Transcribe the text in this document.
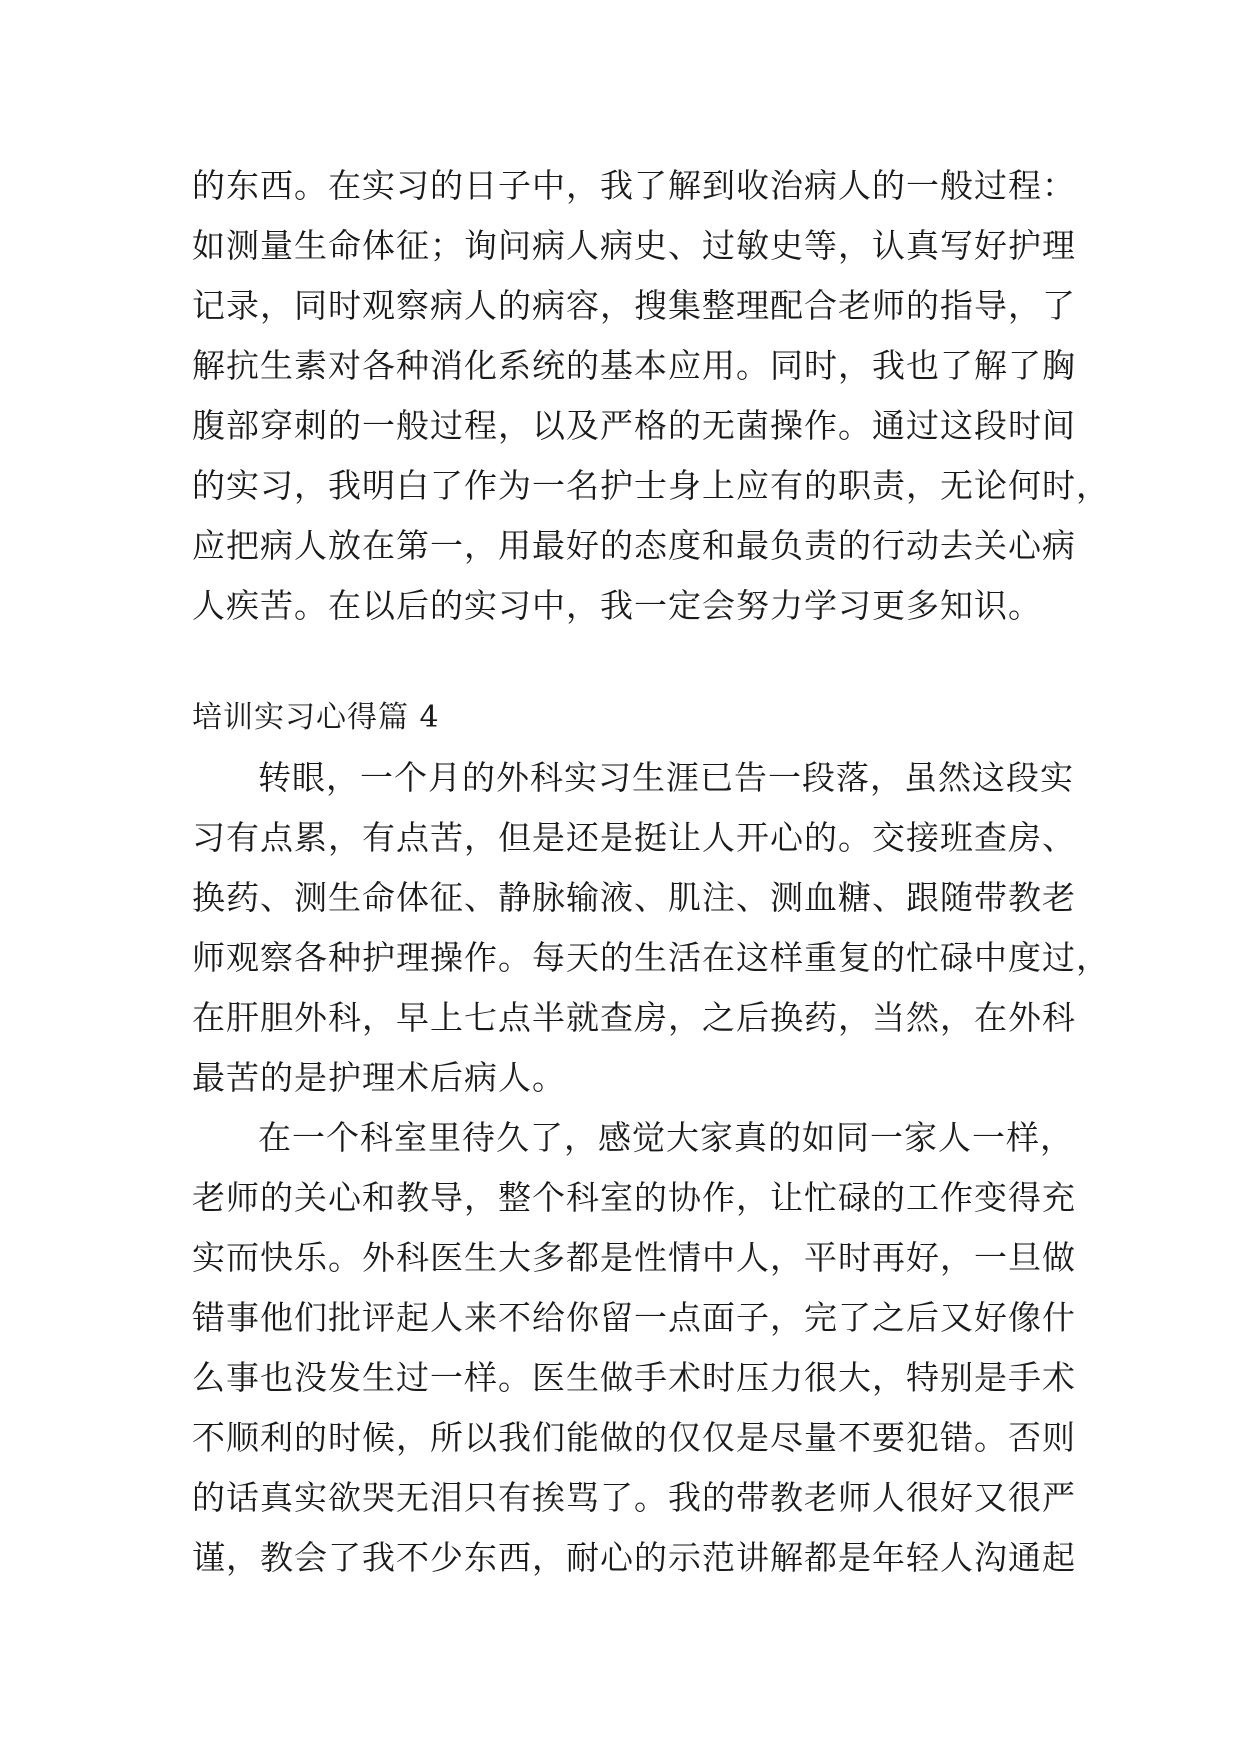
的东西。在实习的日子中，我了解到收治病人的一般过程：
如测量生命体征；询问病人病史、过敏史等，认真写好护理
记录，同时观察病人的病容，搜集整理配合老师的指导，了
解抗生素对各种消化系统的基本应用。同时，我也了解了胸
腹部穿刺的一般过程，以及严格的无菌操作。通过这段时间
的实习，我明白了作为一名护士身上应有的职责，无论何时，
应把病人放在第一，用最好的态度和最负责的行动去关心病
人疾苦。在以后的实习中，我一定会努力学习更多知识。
培训实习心得篇 4
转眼，一个月的外科实习生涯已告一段落，虽然这段实
习有点累，有点苦，但是还是挺让人开心的。交接班查房、
换药、测生命体征、静脉输液、肌注、测血糖、跟随带教老
师观察各种护理操作。每天的生活在这样重复的忙碌中度过，
在肝胆外科，早上七点半就查房，之后换药，当然，在外科
最苦的是护理术后病人。
在一个科室里待久了，感觉大家真的如同一家人一样，
老师的关心和教导，整个科室的协作，让忙碌的工作变得充
实而快乐。外科医生大多都是性情中人，平时再好，一旦做
错事他们批评起人来不给你留一点面子，完了之后又好像什
么事也没发生过一样。医生做手术时压力很大，特别是手术
不顺利的时候，所以我们能做的仅仅是尽量不要犯错。否则
的话真实欲哭无泪只有挨骂了。我的带教老师人很好又很严
谨，教会了我不少东西，耐心的示范讲解都是年轻人沟通起
